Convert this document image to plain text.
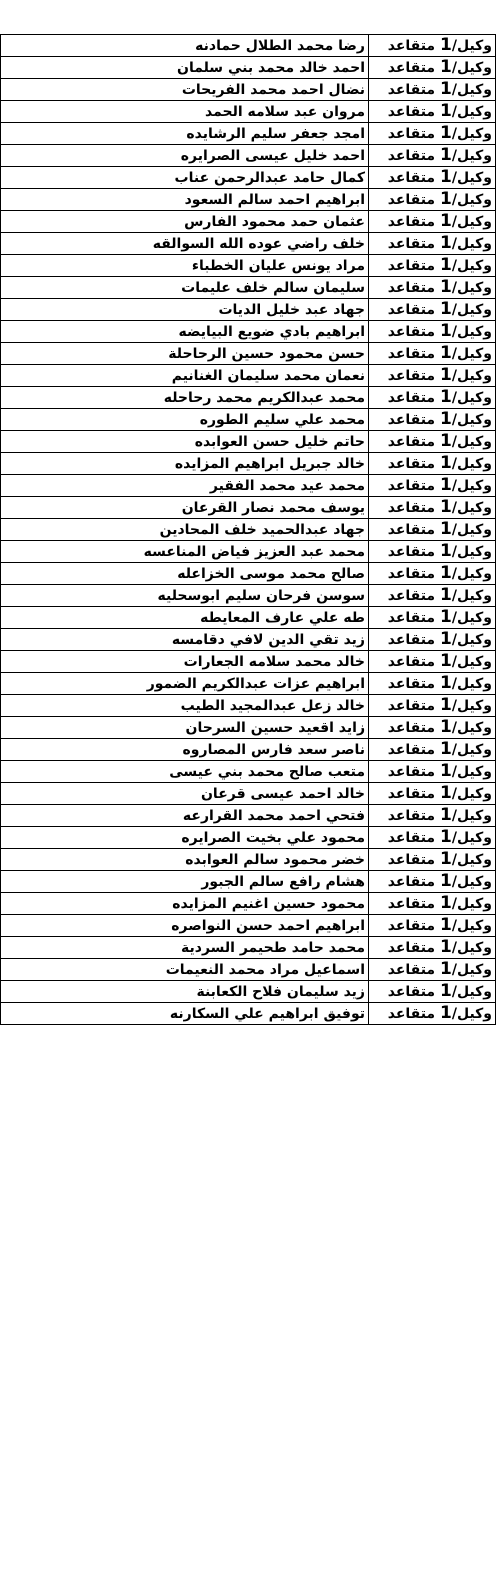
وكيل/1 متقاعد	رضا محمد الطلال حمادنه
وكيل/1 متقاعد	احمد خالد محمد بني سلمان
وكيل/1 متقاعد	نضال احمد محمد الفريحات
وكيل/1 متقاعد	مروان عبد سلامه الحمد
وكيل/1 متقاعد	امجد جعفر سليم الرشايده
وكيل/1 متقاعد	احمد خليل عيسى الصرايره
وكيل/1 متقاعد	كمال حامد عبدالرحمن عناب
وكيل/1 متقاعد	ابراهيم احمد سالم السعود
وكيل/1 متقاعد	عثمان حمد محمود الفارس
وكيل/1 متقاعد	خلف راضي عوده الله السوالقه
وكيل/1 متقاعد	مراد يونس عليان الخطباء
وكيل/1 متقاعد	سليمان سالم خلف عليمات
وكيل/1 متقاعد	جهاد عبد خليل الديات
وكيل/1 متقاعد	ابراهيم بادي ضويع البيايضه
وكيل/1 متقاعد	حسن محمود حسين الرحاحلة
وكيل/1 متقاعد	نعمان محمد سليمان الغنانيم
وكيل/1 متقاعد	محمد عبدالكريم محمد رحاحله
وكيل/1 متقاعد	محمد علي سليم الطوره
وكيل/1 متقاعد	حاتم خليل حسن العوابده
وكيل/1 متقاعد	خالد جبريل ابراهيم المزايده
وكيل/1 متقاعد	محمد عيد محمد الفقير
وكيل/1 متقاعد	يوسف محمد نصار القرعان
وكيل/1 متقاعد	جهاد عبدالحميد خلف المحادين
وكيل/1 متقاعد	محمد عبد العزيز فياض المناعسه
وكيل/1 متقاعد	صالح محمد موسى الخزاعله
وكيل/1 متقاعد	سوسن فرحان سليم ابوسحليه
وكيل/1 متقاعد	طه علي عارف المعايطه
وكيل/1 متقاعد	زيد تقي الدين لافي دقامسه
وكيل/1 متقاعد	خالد محمد سلامه الجعارات
وكيل/1 متقاعد	ابراهيم عزات عبدالكريم الضمور
وكيل/1 متقاعد	خالد زعل عبدالمجيد الطيب
وكيل/1 متقاعد	زايد اقعيد حسين السرحان
وكيل/1 متقاعد	ناصر سعد فارس المصاروه
وكيل/1 متقاعد	متعب صالح محمد بني عيسى
وكيل/1 متقاعد	خالد احمد عيسى قرعان
وكيل/1 متقاعد	فتحي احمد محمد القرارعه
وكيل/1 متقاعد	محمود علي بخيت الصرايره
وكيل/1 متقاعد	خضر محمود سالم العوابده
وكيل/1 متقاعد	هشام رافع سالم الجبور
وكيل/1 متقاعد	محمود حسين اغنيم المزايده
وكيل/1 متقاعد	ابراهيم احمد حسن النواصره
وكيل/1 متقاعد	محمد حامد طحيمر السردية
وكيل/1 متقاعد	اسماعيل مراد محمد النعيمات
وكيل/1 متقاعد	زيد سليمان فلاح الكعابنة
وكيل/1 متقاعد	توفيق ابراهيم علي السكارنه
